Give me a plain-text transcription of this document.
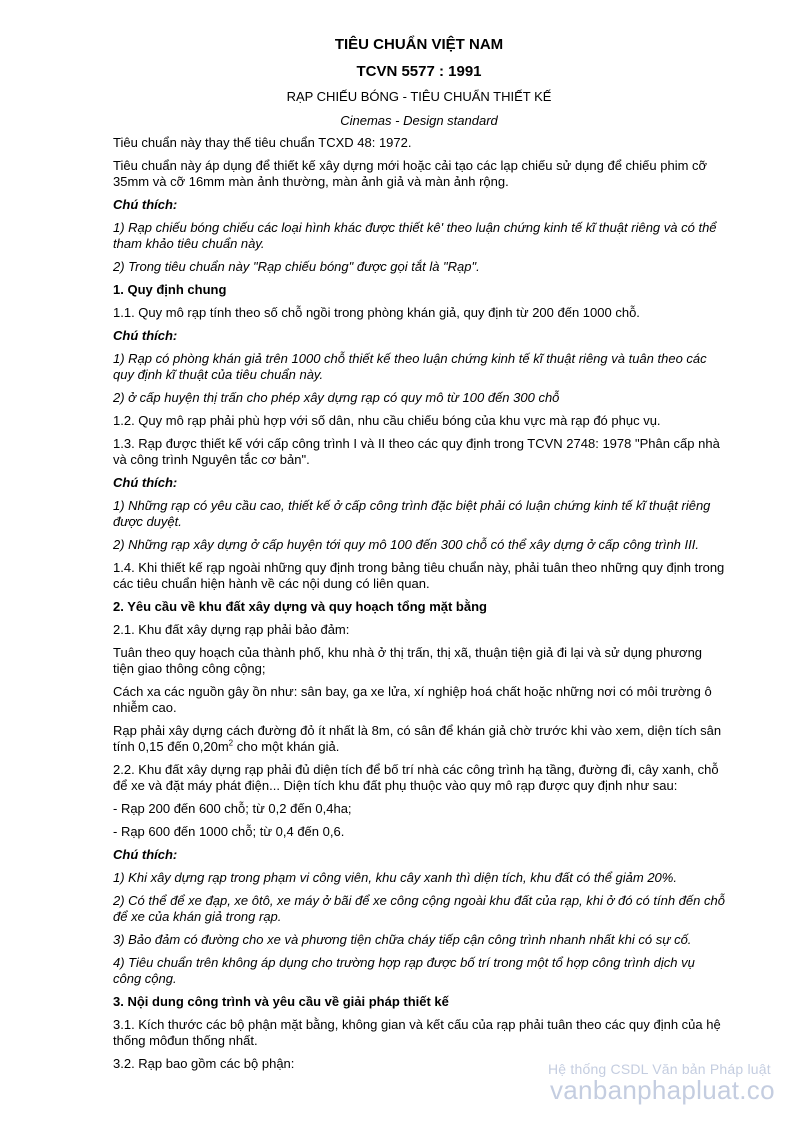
TIÊU CHUẨN VIỆT NAM
TCVN 5577 : 1991
RẠP CHIẾU BÓNG - TIÊU CHUẨN THIẾT KẾ
Cinemas - Design standard

Tiêu chuẩn này thay thế tiêu chuẩn TCXD 48: 1972.

Tiêu chuẩn này áp dụng để thiết kế xây dựng mới hoặc cải tạo các lạp chiếu sử dụng để chiếu phim cỡ 35mm và cỡ 16mm màn ảnh thường, màn ảnh giả và màn ảnh rộng.

Chú thích:

1) Rạp chiếu bóng chiếu các loại hình khác được thiết kê' theo luận chứng kinh tế kĩ thuật riêng và có thể tham khảo tiêu chuẩn này.

2) Trong tiêu chuẩn này "Rạp chiếu bóng" được gọi tắt là "Rạp".

1. Quy định chung

1.1. Quy mô rạp tính theo số chỗ ngồi trong phòng khán giả, quy định từ 200 đến 1000 chỗ.

Chú thích:

1) Rạp có phòng khán giả trên 1000 chỗ thiết kế theo luận chứng kinh tế kĩ thuật riêng và tuân theo các quy định kĩ thuật của tiêu chuẩn này.

2) ở cấp huyện thị trấn cho phép xây dựng rạp có quy mô từ 100 đến 300 chỗ

1.2. Quy mô rạp phải phù hợp với số dân, nhu cầu chiếu bóng của khu vực mà rạp đó phục vụ.

1.3. Rạp được thiết kế với cấp công trình I và II theo các quy định trong TCVN 2748: 1978 "Phân cấp nhà và công trình Nguyên tắc cơ bản".

Chú thích:

1) Những rạp có yêu cầu cao, thiết kế ở cấp công trình đặc biệt phải có luận chứng kinh tế kĩ thuật riêng được duyệt.

2) Những rạp xây dựng ở cấp huyện tới quy mô 100 đến 300 chỗ có thể xây dựng ở cấp công trình III.

1.4. Khi thiết kế rạp ngoài những quy định trong bảng tiêu chuẩn này, phải tuân theo những quy định trong các tiêu chuẩn hiện hành về các nội dung có liên quan.

2. Yêu cầu về khu đất xây dựng và quy hoạch tổng mặt bằng

2.1. Khu đất xây dựng rạp phải bảo đảm:

Tuân theo quy hoạch của thành phố, khu nhà ở thị trấn, thị xã, thuận tiện giả đi lại và sử dụng phương tiện giao thông công cộng;

Cách xa các nguồn gây ồn như: sân bay, ga xe lửa, xí nghiệp hoá chất hoặc những nơi có môi trường ô nhiễm cao.

Rạp phải xây dựng cách đường đỏ ít nhất là 8m, có sân để khán giả chờ trước khi vào xem, diện tích sân tính 0,15 đến $0,20m^2$ cho một khán giả.

2.2. Khu đất xây dựng rạp phải đủ diện tích để bố trí nhà các công trình hạ tầng, đường đi, cây xanh, chỗ để xe và đặt máy phát điện... Diện tích khu đất phụ thuộc vào quy mô rạp được quy định như sau:

- Rạp 200 đến 600 chỗ; từ 0,2 đến 0,4ha;

- Rạp 600 đến 1000 chỗ; từ 0,4 đến 0,6.

Chú thích:

1) Khi xây dựng rạp trong phạm vi công viên, khu cây xanh thì diện tích, khu đất có thể giảm 20%.

2) Có thể để xe đạp, xe ôtô, xe máy ở bãi để xe công cộng ngoài khu đất của rạp, khi ở đó có tính đến chỗ để xe của khán giả trong rạp.

3) Bảo đảm có đường cho xe và phương tiện chữa cháy tiếp cận công trình nhanh nhất khi có sự cố.

4) Tiêu chuẩn trên không áp dụng cho trường hợp rạp được bố trí trong một tổ hợp công trình dịch vụ công cộng.

3. Nội dung công trình và yêu cầu về giải pháp thiết kế

3.1. Kích thước các bộ phận mặt bằng, không gian và kết cấu của rạp phải tuân theo các quy định của hệ thống môđun thống nhất.

3.2. Rạp bao gồm các bộ phận:	Hệ thống CSDL Văn bản Pháp luật
vanbanphapluat.co
